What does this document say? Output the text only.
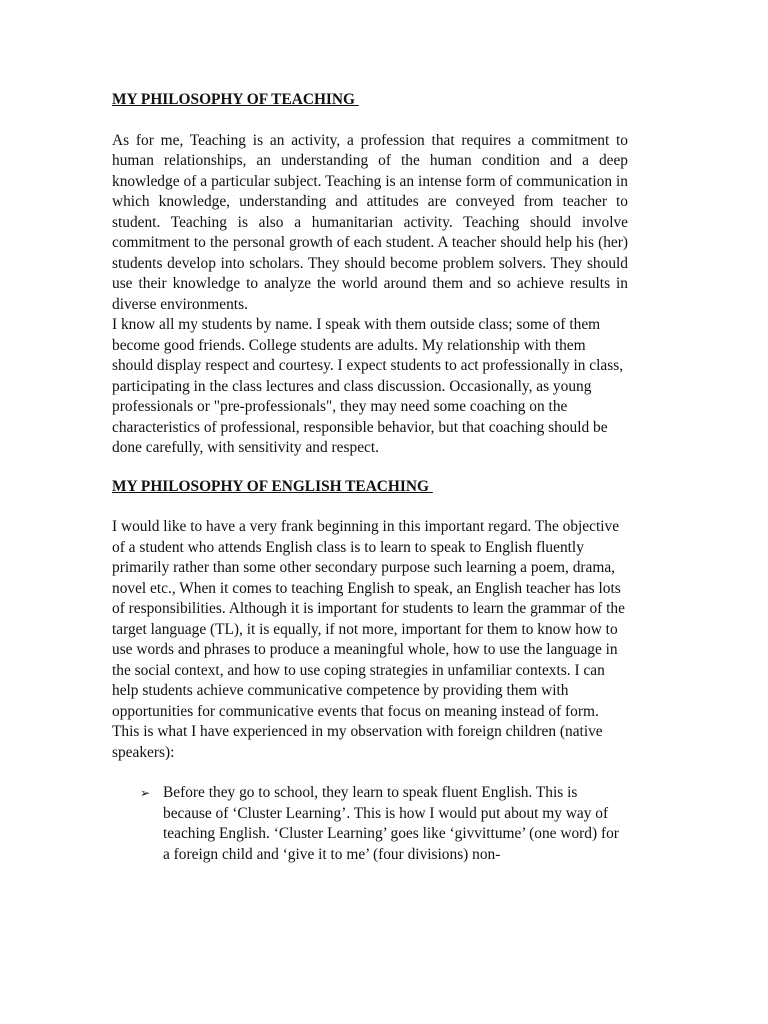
MY PHILOSOPHY OF TEACHING
As for me, Teaching is an activity, a profession that requires a commitment to human relationships, an understanding of the human condition and a deep knowledge of a particular subject. Teaching is an intense form of communication in which knowledge, understanding and attitudes are conveyed from teacher to student. Teaching is also a humanitarian activity. Teaching should involve commitment to the personal growth of each student. A teacher should help his (her) students develop into scholars. They should become problem solvers. They should use their knowledge to analyze the world around them and so achieve results in diverse environments.
I know all my students by name. I speak with them outside class; some of them become good friends. College students are adults. My relationship with them should display respect and courtesy. I expect students to act professionally in class, participating in the class lectures and class discussion. Occasionally, as young professionals or "pre-professionals", they may need some coaching on the characteristics of professional, responsible behavior, but that coaching should be done carefully, with sensitivity and respect.
MY PHILOSOPHY OF ENGLISH TEACHING
I would like to have a very frank beginning in this important regard. The objective of a student who attends English class is to learn to speak to English fluently primarily rather than some other secondary purpose such learning a poem, drama, novel etc., When it comes to teaching English to speak, an English teacher has lots of responsibilities. Although it is important for students to learn the grammar of the target language (TL), it is equally, if not more, important for them to know how to use words and phrases to produce a meaningful whole, how to use the language in the social context, and how to use coping strategies in unfamiliar contexts. I can help students achieve communicative competence by providing them with opportunities for communicative events that focus on meaning instead of form. This is what I have experienced in my observation with foreign children (native speakers):
➢ Before they go to school, they learn to speak fluent English. This is because of ‘Cluster Learning’. This is how I would put about my way of teaching English. ‘Cluster Learning’ goes like ‘givvittume’ (one word) for a foreign child and ‘give it to me’ (four divisions) non-
